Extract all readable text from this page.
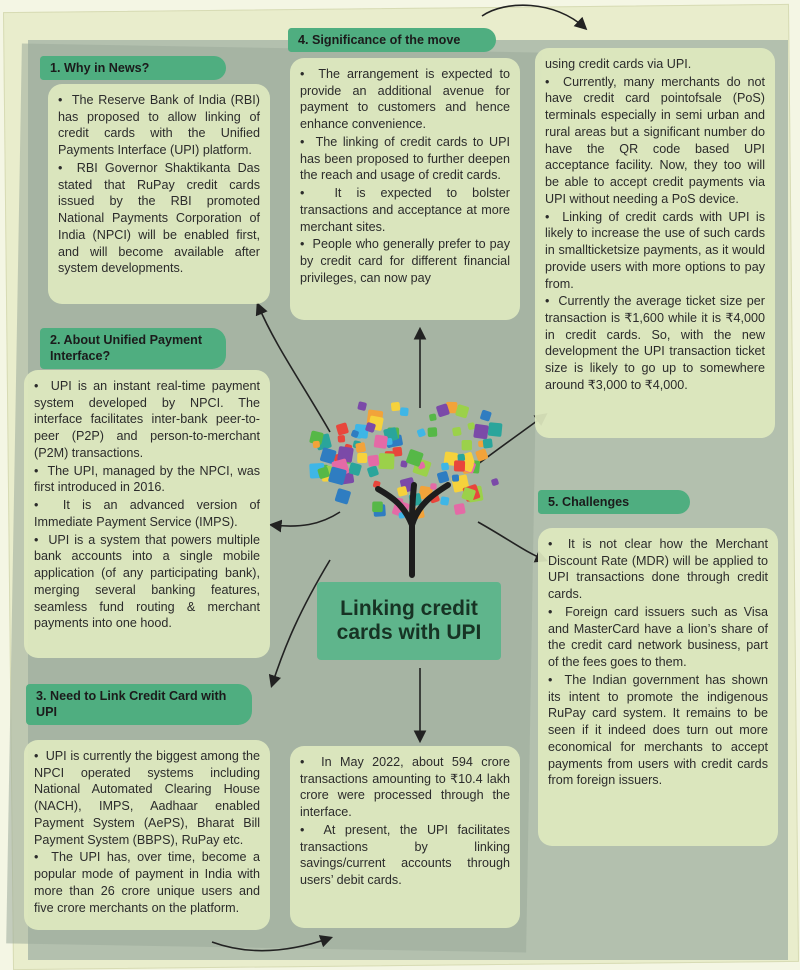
1. Why in News?

•  The Reserve Bank of India (RBI) has proposed to allow linking of credit cards with the Unified Payments Interface (UPI) platform.

•  RBI Governor Shaktikanta Das stated that RuPay credit cards issued by the RBI promoted National Payments Corporation of India (NPCI) will be enabled first, and will become available after system developments.

2. About Unified Payment Interface?

•  UPI is an instant real-time payment system developed by NPCI. The interface facilitates inter-bank peer-to-peer (P2P) and person-to-merchant (P2M) transactions.

•  The UPI, managed by the NPCI, was first introduced in 2016.

•  It is an advanced version of Immediate Payment Service (IMPS).

•  UPI is a system that powers multiple bank accounts into a single mobile application (of any participating bank), merging several banking features, seamless fund routing & merchant payments into one hood.

3. Need to Link Credit Card with UPI

•  UPI is currently the biggest among the NPCI operated systems including National Automated Clearing House (NACH), IMPS, Aadhaar enabled Payment System (AePS), Bharat Bill Payment System (BBPS), RuPay etc.

•  The UPI has, over time, become a popular mode of payment in India with more than 26 crore unique users and five crore merchants on the platform.

•  In May 2022, about 594 crore transactions amounting to ₹10.4 lakh crore were processed through the interface.

•  At present, the UPI facilitates transactions by linking savings/current accounts through users’ debit cards.

4. Significance of the move

•  The arrangement is expected to provide an additional avenue for payment to customers and hence enhance convenience.

•  The linking of credit cards to UPI has been proposed to further deepen the reach and usage of credit cards.

•  It is expected to bolster transactions and acceptance at more merchant sites.

•  People who generally prefer to pay by credit card for different financial privileges, can now pay

using credit cards via UPI.

•  Currently, many merchants do not have credit card pointofsale (PoS) terminals especially in semi urban and rural areas but a significant number do have the QR code based UPI acceptance facility. Now, they too will be able to accept credit payments via UPI without needing a PoS device.

•  Linking of credit cards with UPI is likely to increase the use of such cards in smallticketsize payments, as it would provide users with more options to pay from.

•  Currently the average ticket size per transaction is ₹1,600 while it is ₹4,000 in credit cards. So, with the new development the UPI transaction ticket size is likely to go up to somewhere around ₹3,000 to ₹4,000.

5. Challenges

•  It is not clear how the Merchant Discount Rate (MDR) will be applied to UPI transactions done through credit cards.

•  Foreign card issuers such as Visa and MasterCard have a lion’s share of the credit card network business, part of the fees goes to them.

•  The Indian government has shown its intent to promote the indigenous RuPay card system. It remains to be seen if it indeed does turn out more economical for merchants to accept payments from users with credit cards from foreign issuers.

Linking credit cards with UPI
